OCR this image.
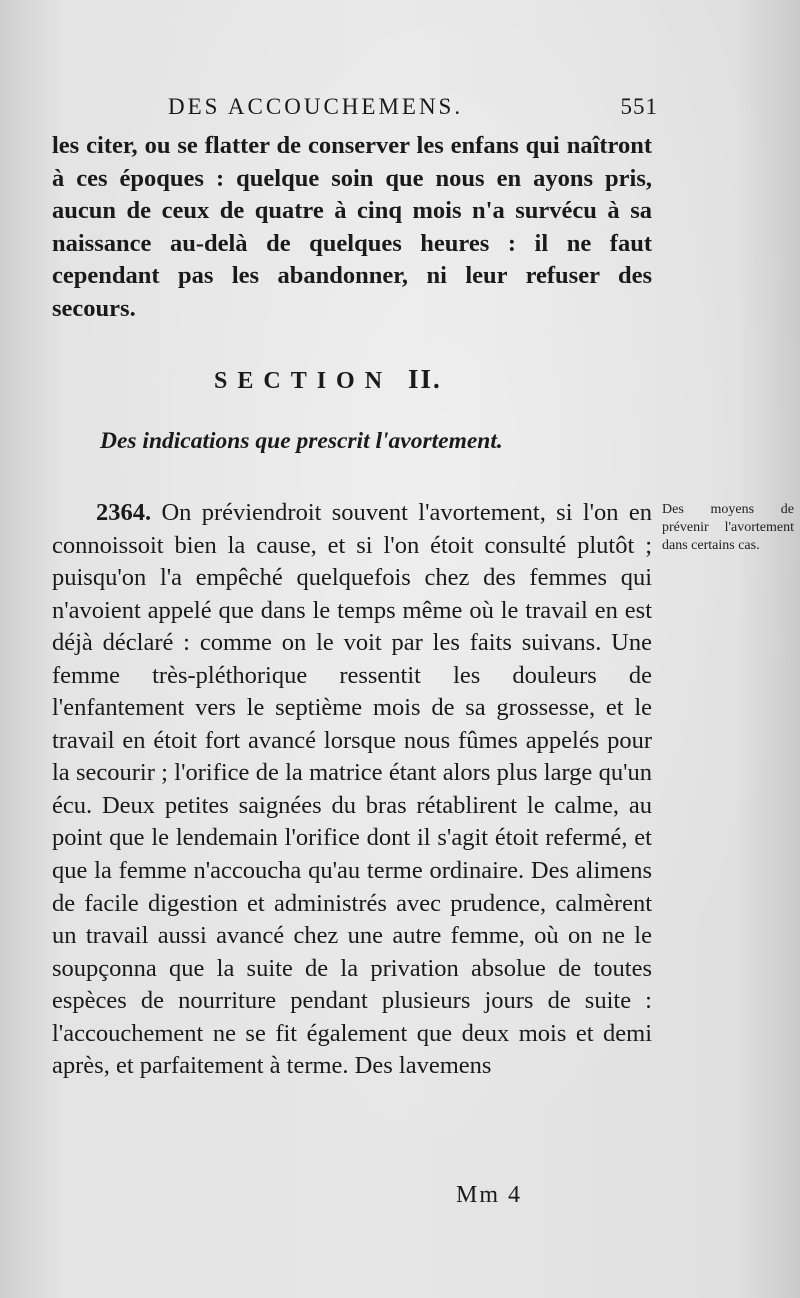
DES ACCOUCHEMENS.	551

les citer, ou se flatter de conserver les enfans qui naîtront à ces époques : quelque soin que nous en ayons pris, aucun de ceux de quatre à cinq mois n'a survécu à sa naissance au-delà de quelques heures : il ne faut cependant pas les abandonner, ni leur refuser des secours.

SECTION II.
Des indications que prescrit l'avortement.

2364. On préviendroit souvent l'avortement, si l'on en connoissoit bien la cause, et si l'on étoit consulté plutôt ; puisqu'on l'a empêché quelquefois chez des femmes qui n'avoient appelé que dans le temps même où le travail en est déjà déclaré : comme on le voit par les faits suivans. Une femme très-pléthorique ressentit les douleurs de l'enfantement vers le septième mois de sa grossesse, et le travail en étoit fort avancé lorsque nous fûmes appelés pour la secourir ; l'orifice de la matrice étant alors plus large qu'un écu. Deux petites saignées du bras rétablirent le calme, au point que le lendemain l'orifice dont il s'agit étoit refermé, et que la femme n'accoucha qu'au terme ordinaire. Des alimens de facile digestion et administrés avec prudence, calmèrent un travail aussi avancé chez une autre femme, où on ne le soupçonna que la suite de la privation absolue de toutes espèces de nourriture pendant plusieurs jours de suite : l'accouchement ne se fit également que deux mois et demi après, et parfaitement à terme. Des lavemens

Des moyens de prévenir l'avortement dans certains cas.
Mm 4
